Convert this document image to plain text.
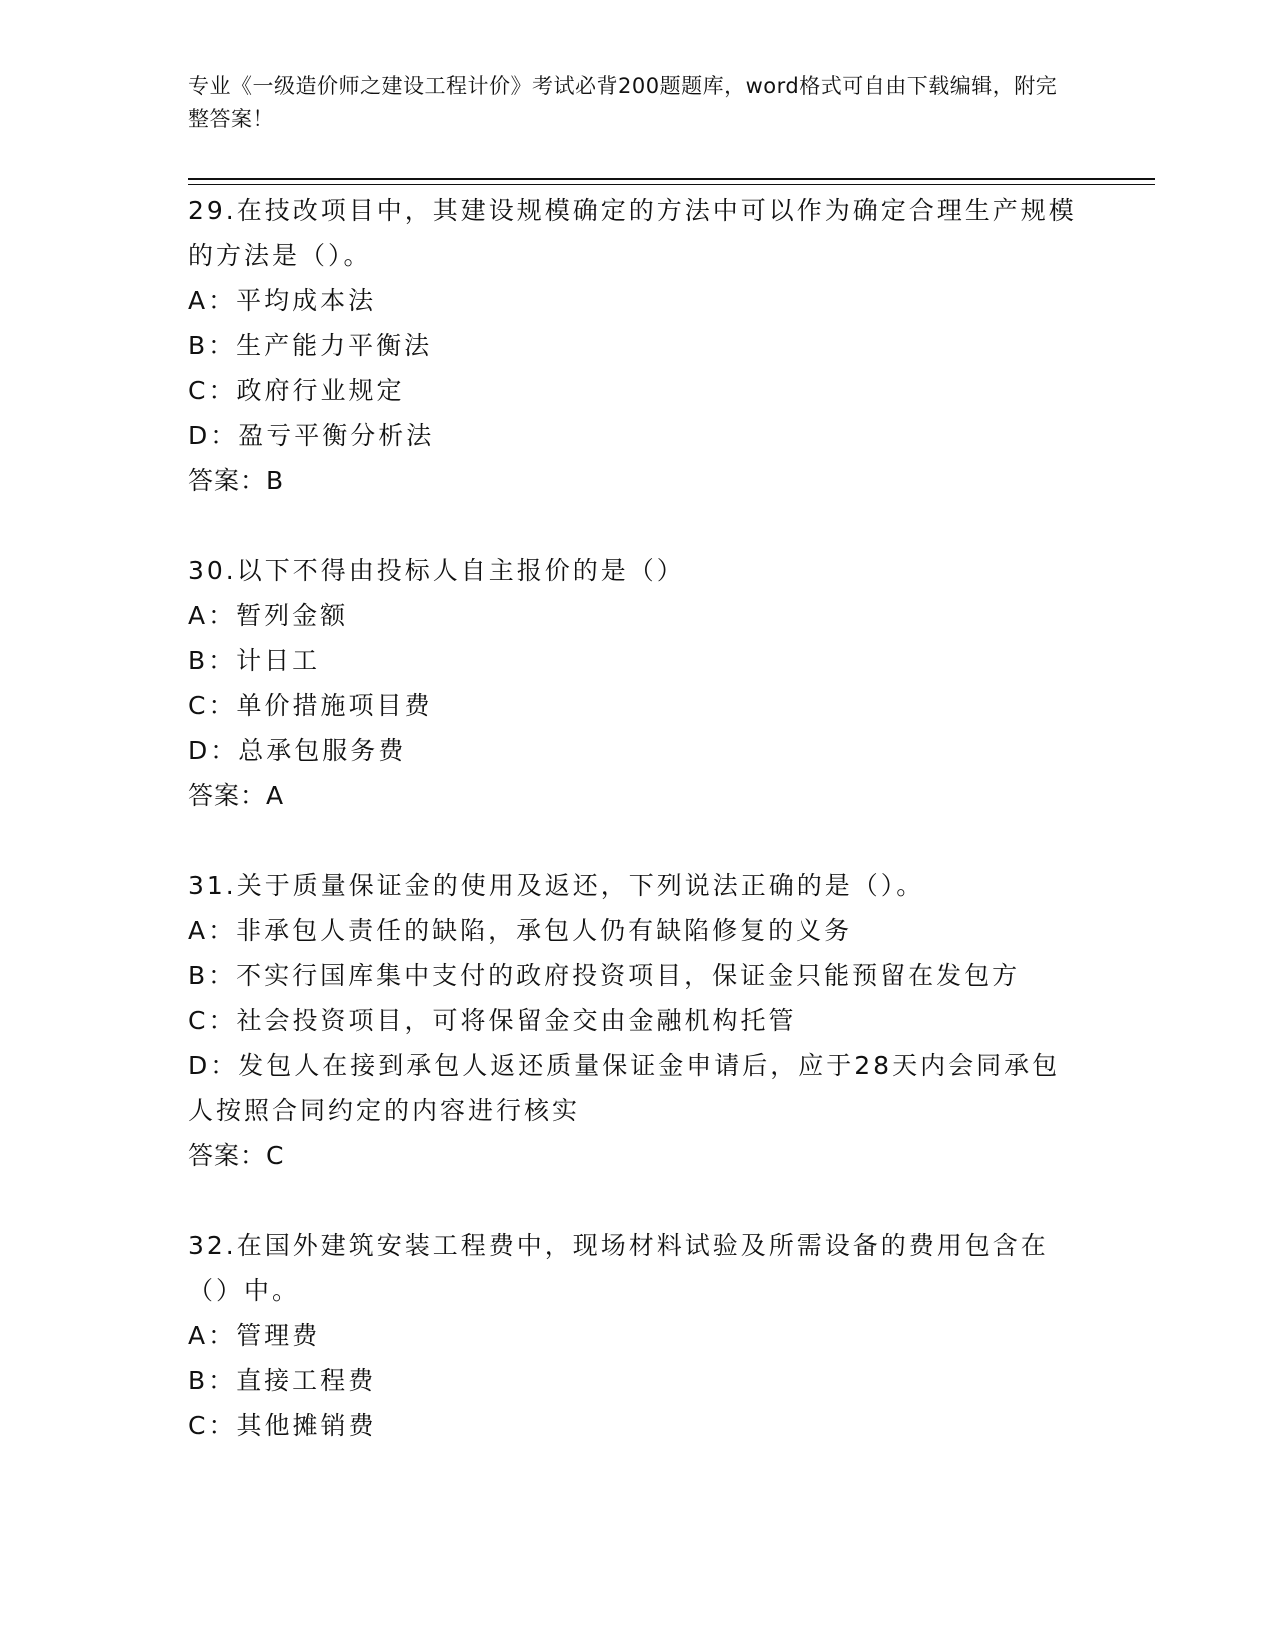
专业《一级造价师之建设工程计价》考试必背200题题库，word格式可自由下载编辑，附完整答案！

29.在技改项目中，其建设规模确定的方法中可以作为确定合理生产规模的方法是（）。

A：平均成本法

B：生产能力平衡法

C：政府行业规定

D：盈亏平衡分析法

答案：B

30.以下不得由投标人自主报价的是（）

A：暂列金额

B：计日工

C：单价措施项目费

D：总承包服务费

答案：A

31.关于质量保证金的使用及返还，下列说法正确的是（）。

A：非承包人责任的缺陷，承包人仍有缺陷修复的义务

B：不实行国库集中支付的政府投资项目，保证金只能预留在发包方

C：社会投资项目，可将保留金交由金融机构托管

D：发包人在接到承包人返还质量保证金申请后，应于28天内会同承包人按照合同约定的内容进行核实

答案：C

32.在国外建筑安装工程费中，现场材料试验及所需设备的费用包含在（）中。

A：管理费

B：直接工程费

C：其他摊销费
